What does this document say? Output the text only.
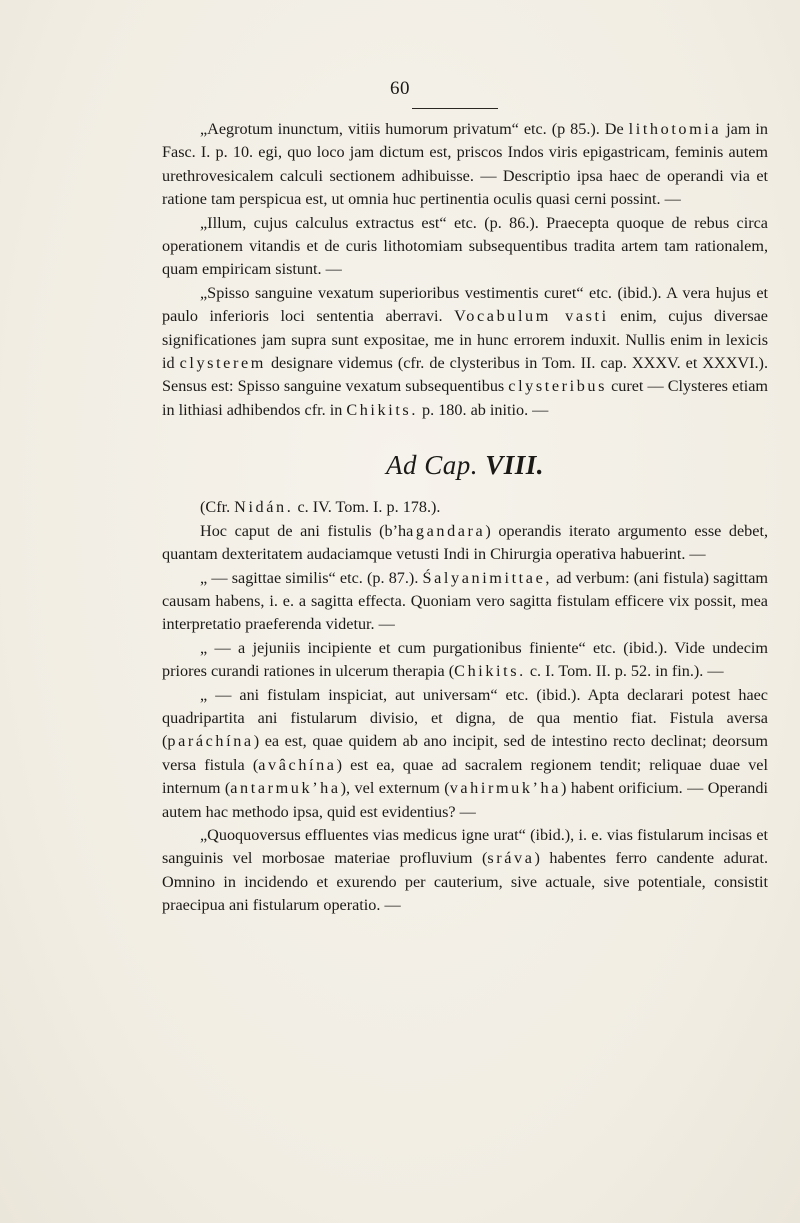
60

„Aegrotum inunctum, vitiis humorum privatum“ etc. (p 85.). De lithotomia jam in Fasc. I. p. 10. egi, quo loco jam dictum est, priscos Indos viris epigastricam, feminis autem urethrovesicalem calculi sectionem adhibuisse. — Descriptio ipsa haec de operandi via et ratione tam perspicua est, ut omnia huc pertinentia oculis quasi cerni possint. —

„Illum, cujus calculus extractus est“ etc. (p. 86.). Praecepta quoque de rebus circa operationem vitandis et de curis lithotomiam subsequentibus tradita artem tam rationalem, quam empiricam sistunt. —

„Spisso sanguine vexatum superioribus vestimentis curet“ etc. (ibid.). A vera hujus et paulo inferioris loci sententia aberravi. Vocabulum vasti enim, cujus diversae significationes jam supra sunt expositae, me in hunc errorem induxit. Nullis enim in lexicis id clysterem designare videmus (cfr. de clysteribus in Tom. II. cap. XXXV. et XXXVI.). Sensus est: Spisso sanguine vexatum subsequentibus clysteribus curet — Clysteres etiam in lithiasi adhibendos cfr. in Chikits. p. 180. ab initio. —

Ad Cap. VIII.

(Cfr. Nidán. c. IV. Tom. I. p. 178.).

Hoc caput de ani fistulis (b’hagandara) operandis iterato argumento esse debet, quantam dexteritatem audaciamque vetusti Indi in Chirurgia operativa habuerint. —

„ — sagittae similis“ etc. (p. 87.). Śalyanimittae, ad verbum: (ani fistula) sagittam causam habens, i. e. a sagitta effecta. Quoniam vero sagitta fistulam efficere vix possit, mea interpretatio praeferenda videtur. —

„ — a jejuniis incipiente et cum purgationibus finiente“ etc. (ibid.). Vide undecim priores curandi rationes in ulcerum therapia (Chikits. c. I. Tom. II. p. 52. in fin.). —

„ — ani fistulam inspiciat, aut universam“ etc. (ibid.). Apta declarari potest haec quadripartita ani fistularum divisio, et digna, de qua mentio fiat. Fistula aversa (paráchína) ea est, quae quidem ab ano incipit, sed de intestino recto declinat; deorsum versa fistula (avâchína) est ea, quae ad sacralem regionem tendit; reliquae duae vel internum (antarmuk’ha), vel externum (vahirmuk’ha) habent orificium. — Operandi autem hac methodo ipsa, quid est evidentius? —

„Quoquoversus effluentes vias medicus igne urat“ (ibid.), i. e. vias fistularum incisas et sanguinis vel morbosae materiae profluvium (sráva) habentes ferro candente adurat. Omnino in incidendo et exurendo per cauterium, sive actuale, sive potentiale, consistit praecipua ani fistularum operatio. —
